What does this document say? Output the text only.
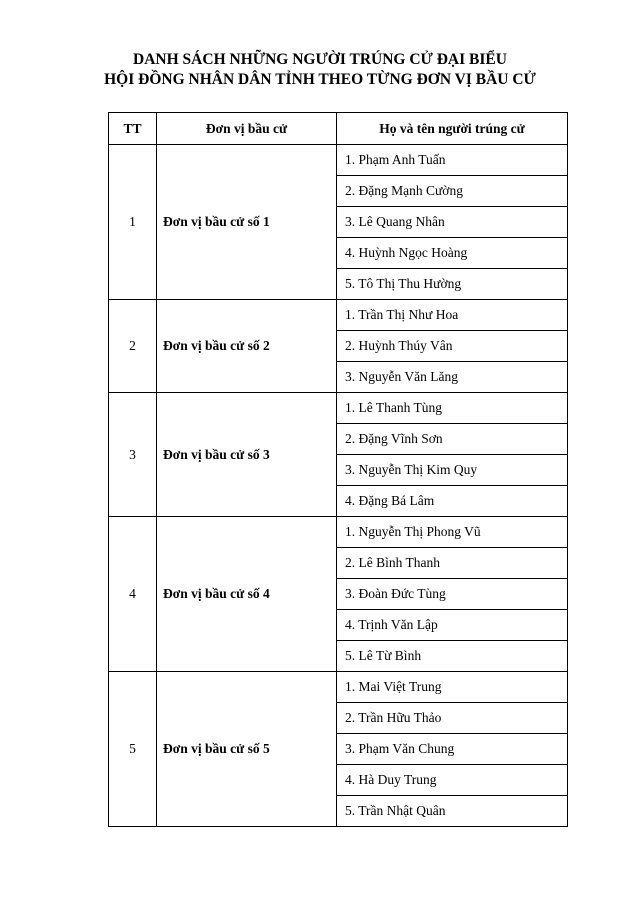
DANH SÁCH NHỮNG NGƯỜI TRÚNG CỬ ĐẠI BIỂU
HỘI ĐỒNG NHÂN DÂN TỈNH THEO TỪNG ĐƠN VỊ BẦU CỬ
TT	Đơn vị bầu cử	Họ và tên người trúng cử
1	Đơn vị bầu cử số 1	1. Phạm Anh Tuấn
		2. Đặng Mạnh Cường
		3. Lê Quang Nhân
		4. Huỳnh Ngọc Hoàng
		5. Tô Thị Thu Hường
2	Đơn vị bầu cử số 2	1. Trần Thị Như Hoa
		2. Huỳnh Thúy Vân
		3. Nguyễn Văn Lăng
3	Đơn vị bầu cử số 3	1. Lê Thanh Tùng
		2. Đặng Vĩnh Sơn
		3. Nguyễn Thị Kim Quy
		4. Đặng Bá Lâm
4	Đơn vị bầu cử số 4	1. Nguyễn Thị Phong Vũ
		2. Lê Bình Thanh
		3. Đoàn Đức Tùng
		4. Trịnh Văn Lập
		5. Lê Từ Bình
5	Đơn vị bầu cử số 5	1. Mai Việt Trung
		2. Trần Hữu Thảo
		3. Phạm Văn Chung
		4. Hà Duy Trung
		5. Trần Nhật Quân
